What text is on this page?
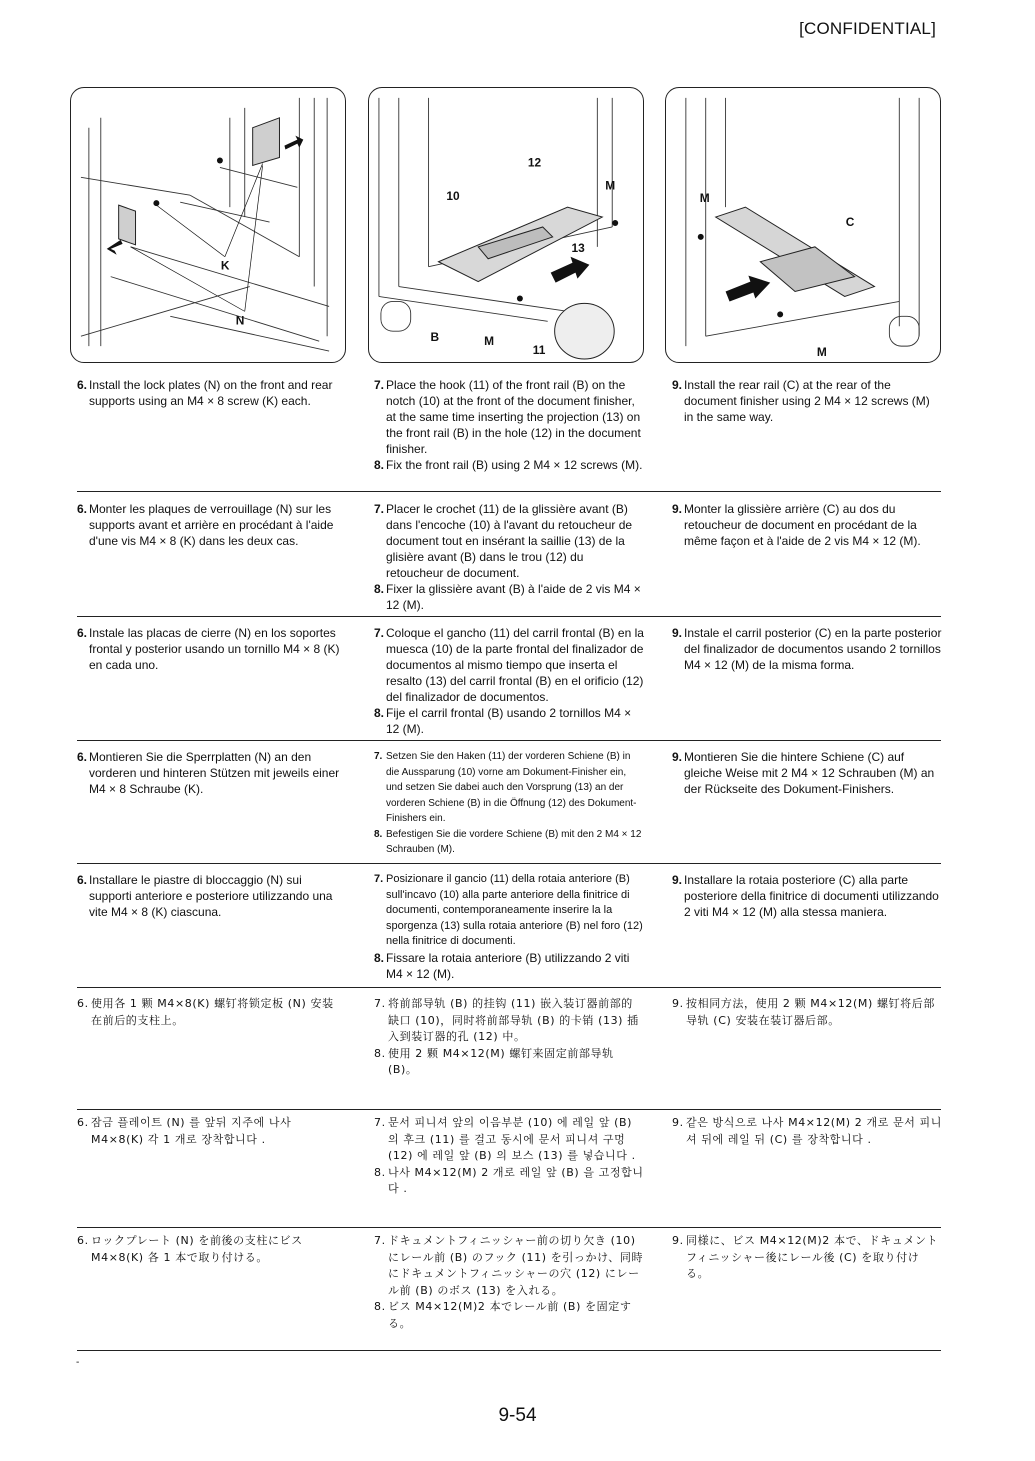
[CONFIDENTIAL]
K
N
12
10
M
13
B	M
11
M
C
M
6. Install the lock plates (N) on the front and rear supports using an M4 × 8 screw (K) each.
7. Place the hook (11) of the front rail (B) on the notch (10) at the front of the document finisher, at the same time inserting the projection (13) on the front rail (B) in the hole (12) in the document finisher.
8. Fix the front rail (B) using 2 M4 × 12 screws (M).
9. Install the rear rail (C) at the rear of the document finisher using 2 M4 × 12 screws (M) in the same way.
6. Monter les plaques de verrouillage (N) sur les supports avant et arrière en procédant à l'aide d'une vis M4 × 8 (K) dans les deux cas.
7. Placer le crochet (11) de la glissière avant (B) dans l'encoche (10) à l'avant du retoucheur de document tout en insérant la saillie (13) de la glisière avant (B) dans le trou (12) du retoucheur de document.
8. Fixer la glissière avant (B) à l'aide de 2 vis M4 × 12 (M).
9. Monter la glissière arrière (C) au dos du retoucheur de document en procédant de la même façon et à l'aide de 2 vis M4 × 12 (M).
6. Instale las placas de cierre (N) en los soportes frontal y posterior usando un tornillo M4 × 8 (K) en cada uno.
7. Coloque el gancho (11) del carril frontal (B) en la muesca (10) de la parte frontal del finalizador de documentos al mismo tiempo que inserta el resalto (13) del carril frontal (B) en el orificio (12) del finalizador de documentos.
8. Fije el carril frontal (B) usando 2 tornillos M4 × 12 (M).
9. Instale el carril posterior (C) en la parte posterior del finalizador de documentos usando 2 tornillos M4 × 12 (M) de la misma forma.
6. Montieren Sie die Sperrplatten (N) an den vorderen und hinteren Stützen mit jeweils einer M4 × 8 Schraube (K).
7. Setzen Sie den Haken (11) der vorderen Schiene (B) in die Aussparung (10) vorne am Dokument-Finisher ein, und setzen Sie dabei auch den Vorsprung (13) an der vorderen Schiene (B) in die Öffnung (12) des Dokument-Finishers ein.
8. Befestigen Sie die vordere Schiene (B) mit den 2 M4 × 12 Schrauben (M).
9. Montieren Sie die hintere Schiene (C) auf gleiche Weise mit 2 M4 × 12 Schrauben (M) an der Rückseite des Dokument-Finishers.
6. Installare le piastre di bloccaggio (N) sui supporti anteriore e posteriore utilizzando una vite M4 × 8 (K) ciascuna.
7. Posizionare il gancio (11) della rotaia anteriore (B) sull'incavo (10) alla parte anteriore della finitrice di documenti, contemporaneamente inserire la la sporgenza (13) sulla rotaia anteriore (B) nel foro (12) nella finitrice di documenti.
8. Fissare la rotaia anteriore (B) utilizzando 2 viti M4 × 12 (M).
9. Installare la rotaia posteriore (C) alla parte posteriore della finitrice di documenti utilizzando 2 viti M4 × 12 (M) alla stessa maniera.
6. 使用各 1 颗 M4×8(K) 螺钉将锁定板 (N) 安装在前后的支柱上。
7. 将前部导轨 (B) 的挂钩 (11) 嵌入装订器前部的缺口 (10)，同时将前部导轨 (B) 的卡销 (13) 插入到装订器的孔 (12) 中。
8. 使用 2 颗 M4×12(M) 螺钉来固定前部导轨 (B)。
9. 按相同方法，使用 2 颗 M4×12(M) 螺钉将后部导轨 (C) 安装在装订器后部。
6. 잠금 플레이트 (N) 를 앞뒤 지주에 나사 M4×8(K) 각 1 개로 장착합니다 .
7. 문서 피니셔 앞의 이음부분 (10) 에 레일 앞 (B) 의 후크 (11) 를 걸고 동시에 문서 피니셔 구멍 (12) 에 레일 앞 (B) 의 보스 (13) 를 넣습니다 .
8. 나사 M4×12(M) 2 개로 레일 앞 (B) 을 고정합니다 .
9. 같은 방식으로 나사 M4×12(M) 2 개로 문서 피니셔 뒤에 레일 뒤 (C) 를 장착합니다 .
6. ロックプレート (N) を前後の支柱にビス M4×8(K) 各 1 本で取り付ける。
7. ドキュメントフィニッシャー前の切り欠き (10) にレール前 (B) のフック (11) を引っかけ、同時にドキュメントフィニッシャーの穴 (12) にレール前 (B) のボス (13) を入れる。
8. ビス M4×12(M)2 本でレール前 (B) を固定する。
9. 同様に、ビス M4×12(M)2 本で、ドキュメントフィニッシャー後にレール後 (C) を取り付ける。
-
9-54
